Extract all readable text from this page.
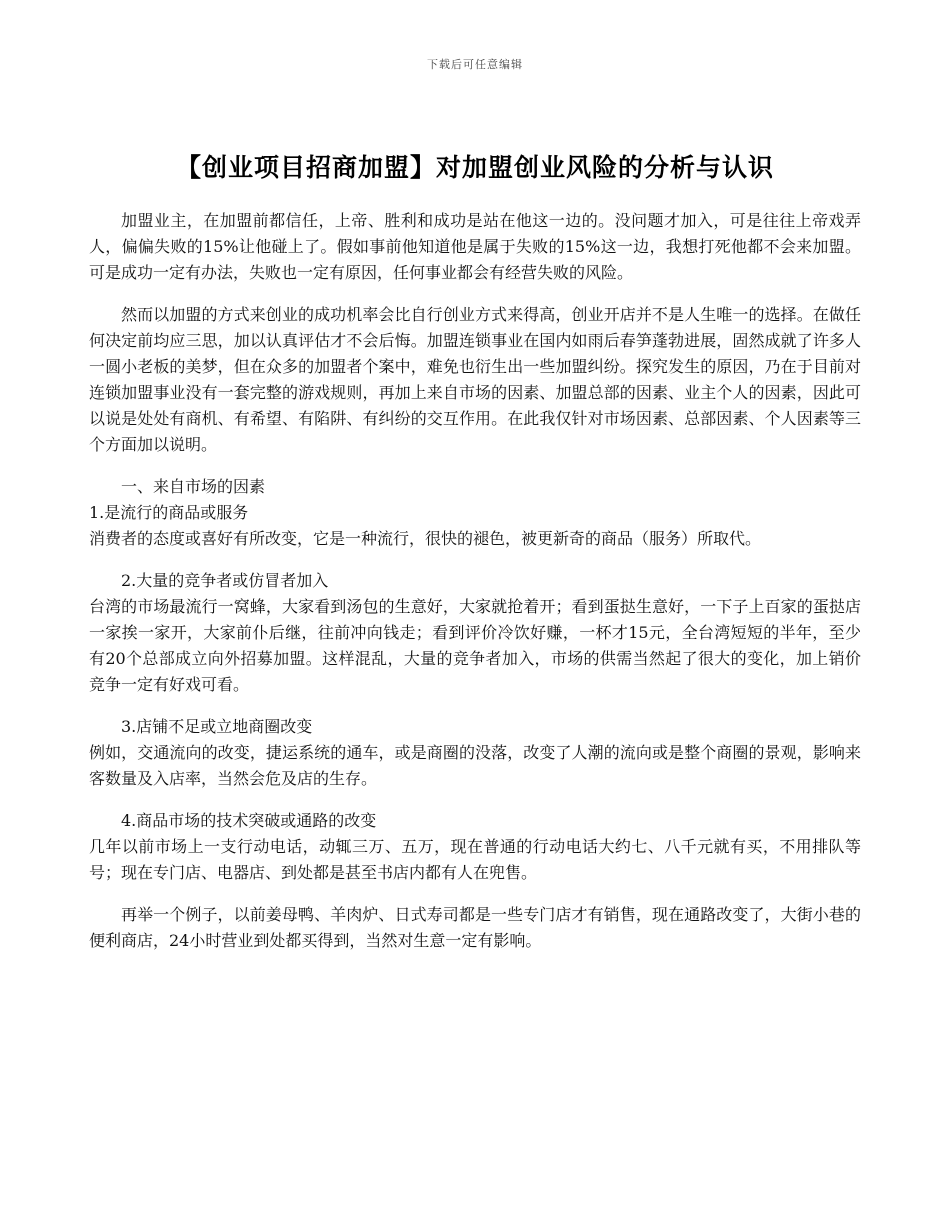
下载后可任意编辑
【创业项目招商加盟】对加盟创业风险的分析与认识

加盟业主，在加盟前都信任，上帝、胜利和成功是站在他这一边的。没问题才加入，可是往往上帝戏弄人，偏偏失败的15%让他碰上了。假如事前他知道他是属于失败的15%这一边，我想打死他都不会来加盟。可是成功一定有办法，失败也一定有原因，任何事业都会有经营失败的风险。

然而以加盟的方式来创业的成功机率会比自行创业方式来得高，创业开店并不是人生唯一的选择。在做任何决定前均应三思，加以认真评估才不会后悔。加盟连锁事业在国内如雨后春笋蓬勃进展，固然成就了许多人一圆小老板的美梦，但在众多的加盟者个案中，难免也衍生出一些加盟纠纷。探究发生的原因，乃在于目前对连锁加盟事业没有一套完整的游戏规则，再加上来自市场的因素、加盟总部的因素、业主个人的因素，因此可以说是处处有商机、有希望、有陷阱、有纠纷的交互作用。在此我仅针对市场因素、总部因素、个人因素等三个方面加以说明。

一、来自市场的因素

1.是流行的商品或服务

消费者的态度或喜好有所改变，它是一种流行，很快的褪色，被更新奇的商品（服务）所取代。

2.大量的竞争者或仿冒者加入

台湾的市场最流行一窝蜂，大家看到汤包的生意好，大家就抢着开；看到蛋挞生意好，一下子上百家的蛋挞店一家挨一家开，大家前仆后继，往前冲向钱走；看到评价冷饮好赚，一杯才15元，全台湾短短的半年，至少有20个总部成立向外招募加盟。这样混乱，大量的竞争者加入，市场的供需当然起了很大的变化，加上销价竞争一定有好戏可看。

3.店铺不足或立地商圈改变

例如，交通流向的改变，捷运系统的通车，或是商圈的没落，改变了人潮的流向或是整个商圈的景观，影响来客数量及入店率，当然会危及店的生存。

4.商品市场的技术突破或通路的改变

几年以前市场上一支行动电话，动辄三万、五万，现在普通的行动电话大约七、八千元就有买，不用排队等号；现在专门店、电器店、到处都是甚至书店内都有人在兜售。

再举一个例子，以前姜母鸭、羊肉炉、日式寿司都是一些专门店才有销售，现在通路改变了，大街小巷的便利商店，24小时营业到处都买得到，当然对生意一定有影响。
